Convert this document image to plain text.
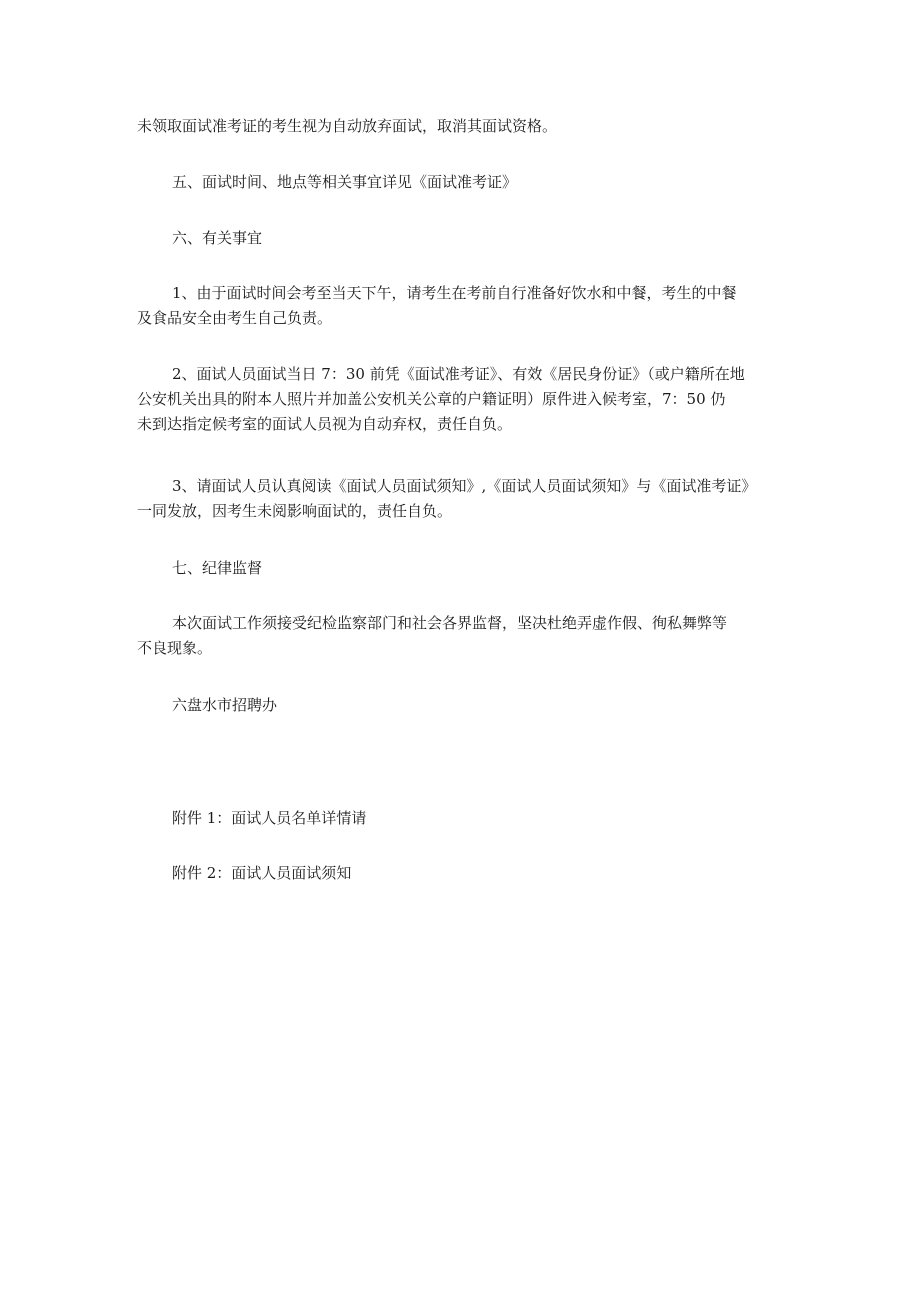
未领取面试准考证的考生视为自动放弃面试，取消其面试资格。

五、面试时间、地点等相关事宜详见《面试准考证》

六、有关事宜

1、由于面试时间会考至当天下午，请考生在考前自行准备好饮水和中餐，考生的中餐
及食品安全由考生自己负责。

2、面试人员面试当日 7：30 前凭《面试准考证》、有效《居民身份证》（或户籍所在地
公安机关出具的附本人照片并加盖公安机关公章的户籍证明）原件进入候考室，7：50 仍
未到达指定候考室的面试人员视为自动弃权，责任自负。

3、请面试人员认真阅读《面试人员面试须知》,《面试人员面试须知》与《面试准考证》
一同发放，因考生未阅影响面试的，责任自负。

七、纪律监督

本次面试工作须接受纪检监察部门和社会各界监督，坚决杜绝弄虚作假、徇私舞弊等
不良现象。

六盘水市招聘办

附件 1：面试人员名单详情请

附件 2：面试人员面试须知
